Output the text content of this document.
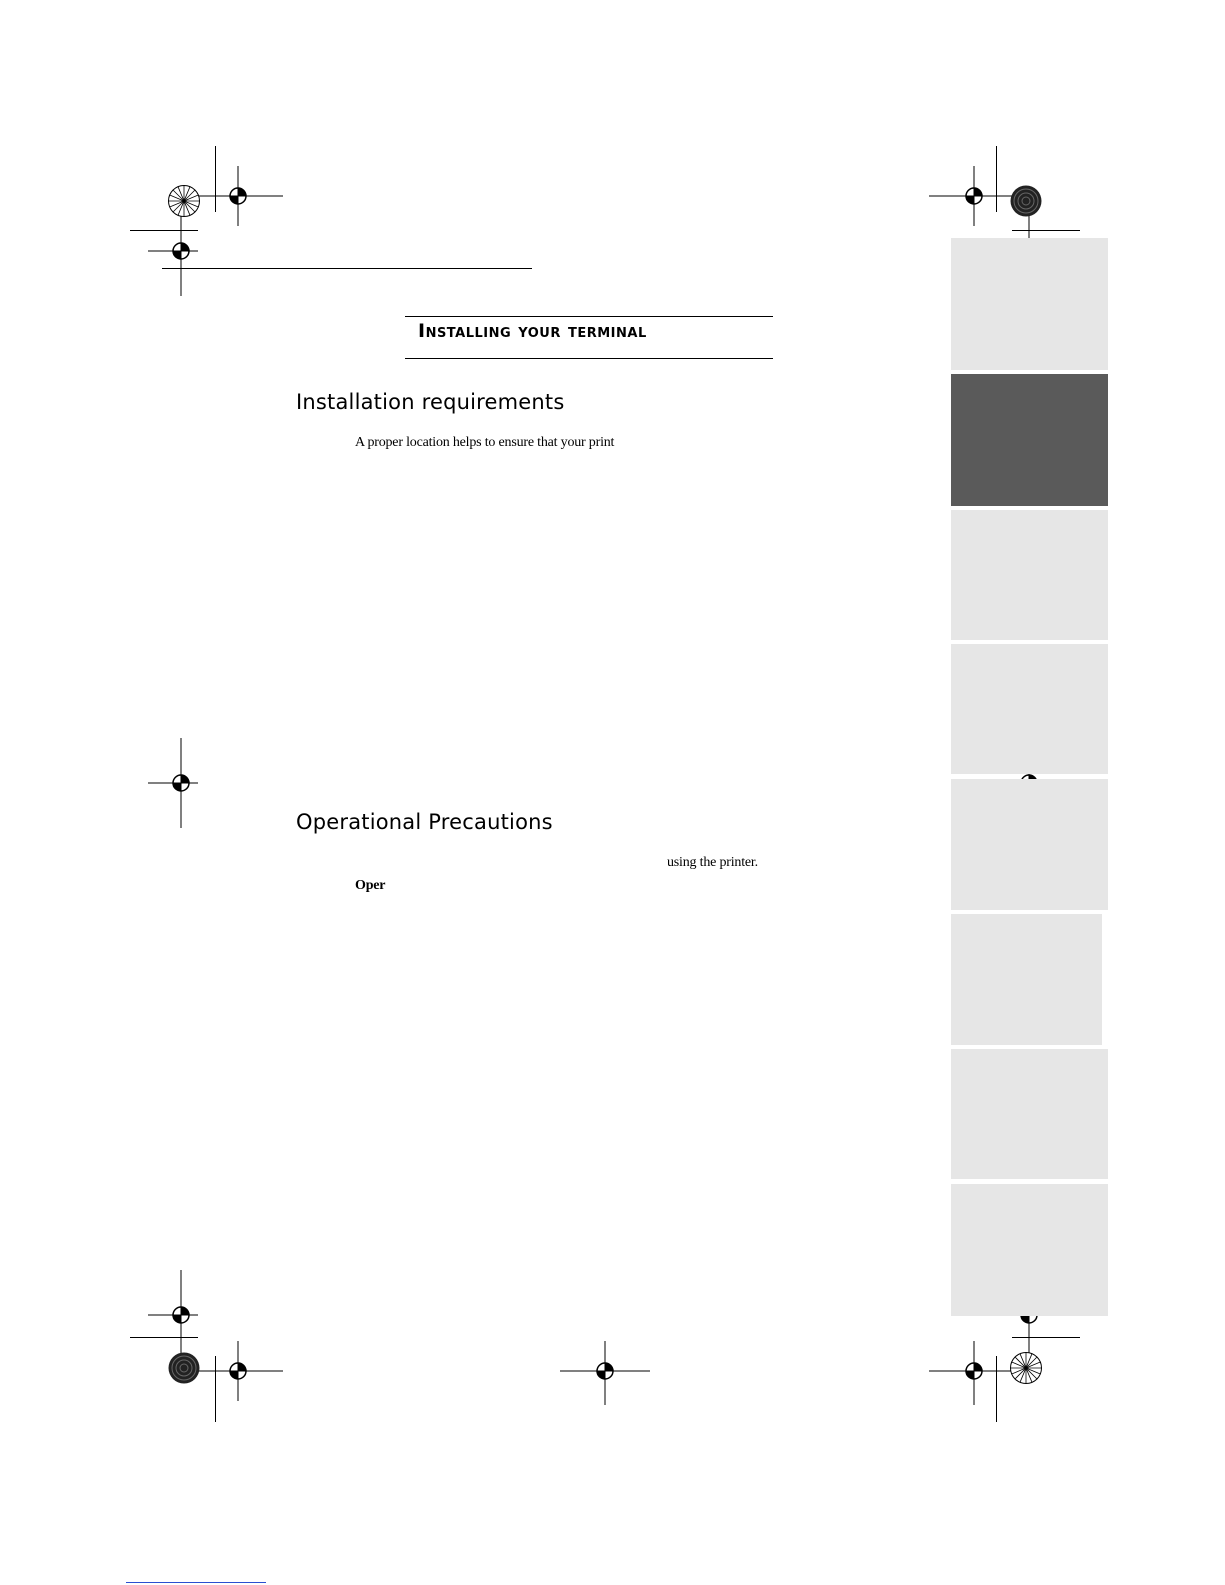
Installing your terminal
Installation requirements
A proper location helps to ensure that your print
Operational Precautions
using the printer.
Oper
